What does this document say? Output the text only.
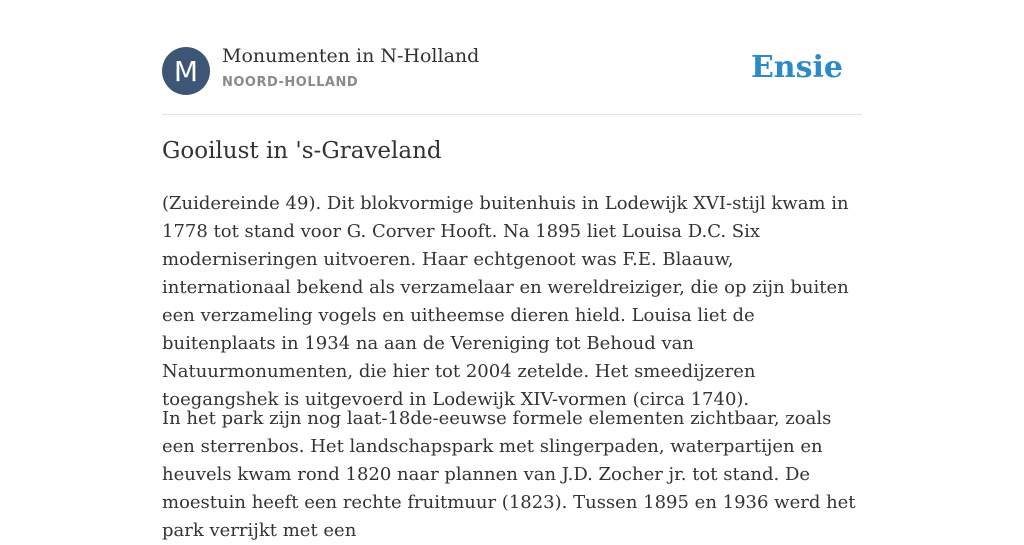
M	Monumenten in N-Holland
NOORD-HOLLAND	Ensie
Gooilust in 's-Graveland

(Zuidereinde 49). Dit blokvormige buitenhuis in Lodewijk XVI-stijl kwam in 1778 tot stand voor G. Corver Hooft. Na 1895 liet Louisa D.C. Six moderniseringen uitvoeren. Haar echtgenoot was F.E. Blaauw, internationaal bekend als verzamelaar en wereldreiziger, die op zijn buiten een verzameling vogels en uitheemse dieren hield. Louisa liet de buitenplaats in 1934 na aan de Vereniging tot Behoud van Natuurmonumenten, die hier tot 2004 zetelde. Het smeedijzeren toegangshek is uitgevoerd in Lodewijk XIV-vormen (circa 1740).

In het park zijn nog laat-18de-eeuwse formele elementen zichtbaar, zoals een sterrenbos. Het landschapspark met slingerpaden, waterpartijen en heuvels kwam rond 1820 naar plannen van J.D. Zocher jr. tot stand. De moestuin heeft een rechte fruitmuur (1823). Tussen 1895 en 1936 werd het park verrijkt met een
